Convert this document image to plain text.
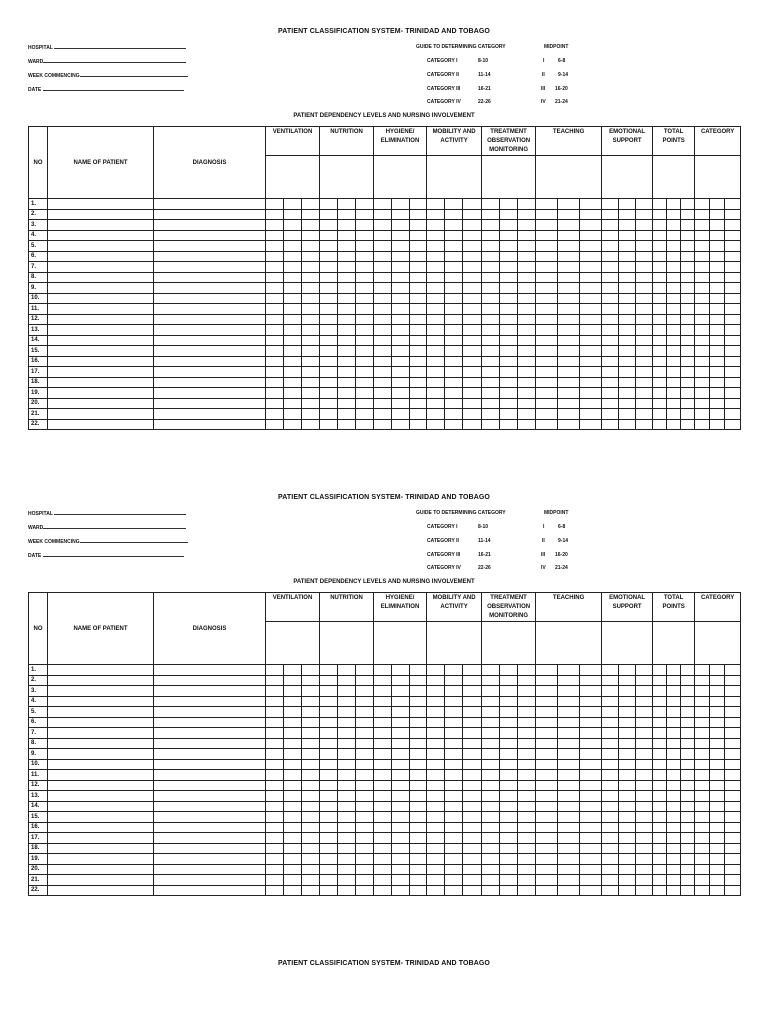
PATIENT CLASSIFICATION SYSTEM- TRINIDAD AND TOBAGO
HOSPITAL
WARD
WEEK COMMENCING
DATE
GUIDE TO DETERMINING CATEGORY	MIDPOINT
CATEGORY I	8-10	I	6-8
CATEGORY II	11-14	II	9-14
CATEGORY III	16-21	III 16-20
CATEGORY IV	22-26	IV 21-24
PATIENT DEPENDENCY LEVELS AND NURSING INVOLVEMENT
NO	NAME OF PATIENT	DIAGNOSIS	VENTILATION			NUTRITION			HYGIENE/ ELIMINATION			MOBILITY AND ACTIVITY			TREATMENT OBSERVATION MONITORING			TEACHING			EMOTIONAL SUPPORT			TOTAL POINTS			CATEGORY		

1.																													
2.																													
3.																													
4.																													
5.																													
6.																													
7.																													
8.																													
9.																													
10.																													
11.																													
12.																													
13.																													
14.																													
15.																													
16.																													
17.																													
18.																													
19.																													
20.																													
21.																													
22.																													
PATIENT CLASSIFICATION SYSTEM- TRINIDAD AND TOBAGO
HOSPITAL
WARD
WEEK COMMENCING
DATE
GUIDE TO DETERMINING CATEGORY	MIDPOINT
CATEGORY I	8-10	I	6-8
CATEGORY II	11-14	II	9-14
CATEGORY III	16-21	III 16-20
CATEGORY IV	22-26	IV 21-24
PATIENT DEPENDENCY LEVELS AND NURSING INVOLVEMENT
NO	NAME OF PATIENT	DIAGNOSIS	VENTILATION			NUTRITION			HYGIENE/ ELIMINATION			MOBILITY AND ACTIVITY			TREATMENT OBSERVATION MONITORING			TEACHING			EMOTIONAL SUPPORT			TOTAL POINTS			CATEGORY		

1.																													
2.																													
3.																													
4.																													
5.																													
6.																													
7.																													
8.																													
9.																													
10.																													
11.																													
12.																													
13.																													
14.																													
15.																													
16.																													
17.																													
18.																													
19.																													
20.																													
21.																													
22.																													
PATIENT CLASSIFICATION SYSTEM- TRINIDAD AND TOBAGO
